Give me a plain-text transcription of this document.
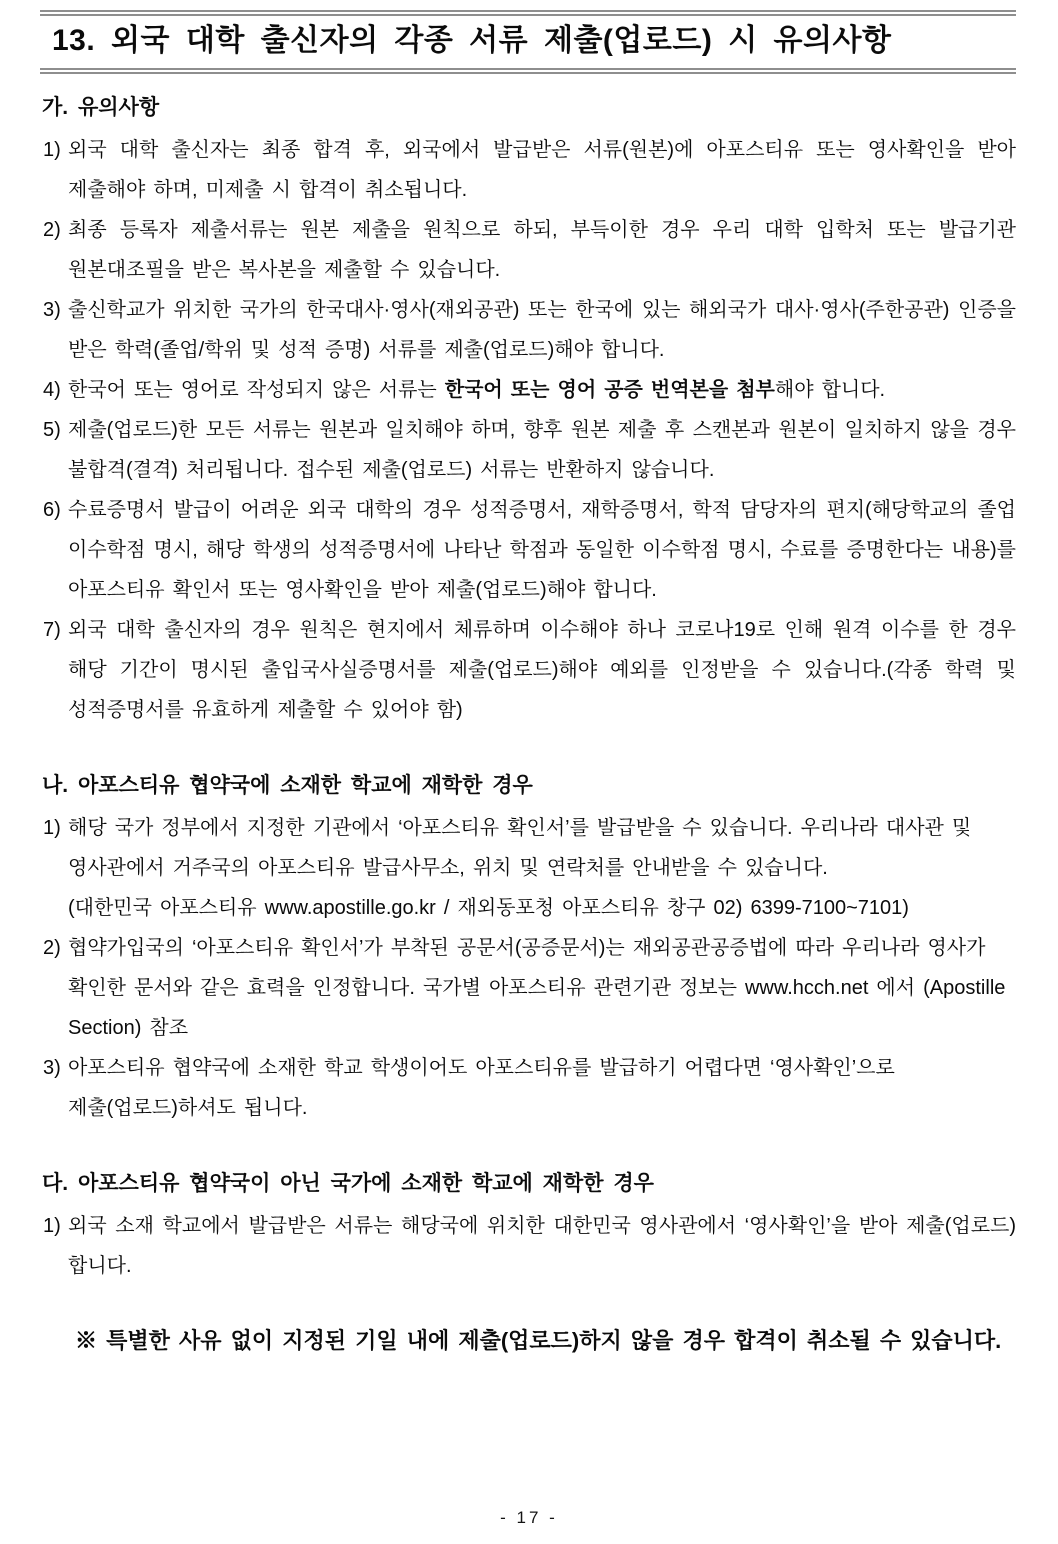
13. 외국 대학 출신자의 각종 서류 제출(업로드) 시 유의사항
가. 유의사항
1) 외국 대학 출신자는 최종 합격 후, 외국에서 발급받은 서류(원본)에 아포스티유 또는 영사확인을 받아 제출해야 하며, 미제출 시 합격이 취소됩니다.
2) 최종 등록자 제출서류는 원본 제출을 원칙으로 하되, 부득이한 경우 우리 대학 입학처 또는 발급기관 원본대조필을 받은 복사본을 제출할 수 있습니다.
3) 출신학교가 위치한 국가의 한국대사·영사(재외공관) 또는 한국에 있는 해외국가 대사·영사(주한공관) 인증을 받은 학력(졸업/학위 및 성적 증명) 서류를 제출(업로드)해야 합니다.
4) 한국어 또는 영어로 작성되지 않은 서류는 한국어 또는 영어 공증 번역본을 첨부해야 합니다.
5) 제출(업로드)한 모든 서류는 원본과 일치해야 하며, 향후 원본 제출 후 스캔본과 원본이 일치하지 않을 경우 불합격(결격) 처리됩니다. 접수된 제출(업로드) 서류는 반환하지 않습니다.
6) 수료증명서 발급이 어려운 외국 대학의 경우 성적증명서, 재학증명서, 학적 담당자의 편지(해당학교의 졸업 이수학점 명시, 해당 학생의 성적증명서에 나타난 학점과 동일한 이수학점 명시, 수료를 증명한다는 내용)를 아포스티유 확인서 또는 영사확인을 받아 제출(업로드)해야 합니다.
7) 외국 대학 출신자의 경우 원칙은 현지에서 체류하며 이수해야 하나 코로나19로 인해 원격 이수를 한 경우 해당 기간이 명시된 출입국사실증명서를 제출(업로드)해야 예외를 인정받을 수 있습니다.(각종 학력 및 성적증명서를 유효하게 제출할 수 있어야 함)
나. 아포스티유 협약국에 소재한 학교에 재학한 경우
1) 해당 국가 정부에서 지정한 기관에서 ‘아포스티유 확인서’를 발급받을 수 있습니다. 우리나라 대사관 및
영사관에서 거주국의 아포스티유 발급사무소, 위치 및 연락처를 안내받을 수 있습니다.
(대한민국 아포스티유 www.apostille.go.kr / 재외동포청 아포스티유 창구 02) 6399-7100~7101)
2) 협약가입국의 ‘아포스티유 확인서’가 부착된 공문서(공증문서)는 재외공관공증법에 따라 우리나라 영사가
확인한 문서와 같은 효력을 인정합니다. 국가별 아포스티유 관련기관 정보는 www.hcch.net 에서 (Apostille
Section) 참조
3) 아포스티유 협약국에 소재한 학교 학생이어도 아포스티유를 발급하기 어렵다면 ‘영사확인’으로
제출(업로드)하셔도 됩니다.
다. 아포스티유 협약국이 아닌 국가에 소재한 학교에 재학한 경우
1) 외국 소재 학교에서 발급받은 서류는 해당국에 위치한 대한민국 영사관에서 ‘영사확인’을 받아 제출(업로드)합니다.

※ 특별한 사유 없이 지정된 기일 내에 제출(업로드)하지 않을 경우 합격이 취소될 수 있습니다.

- 17 -
